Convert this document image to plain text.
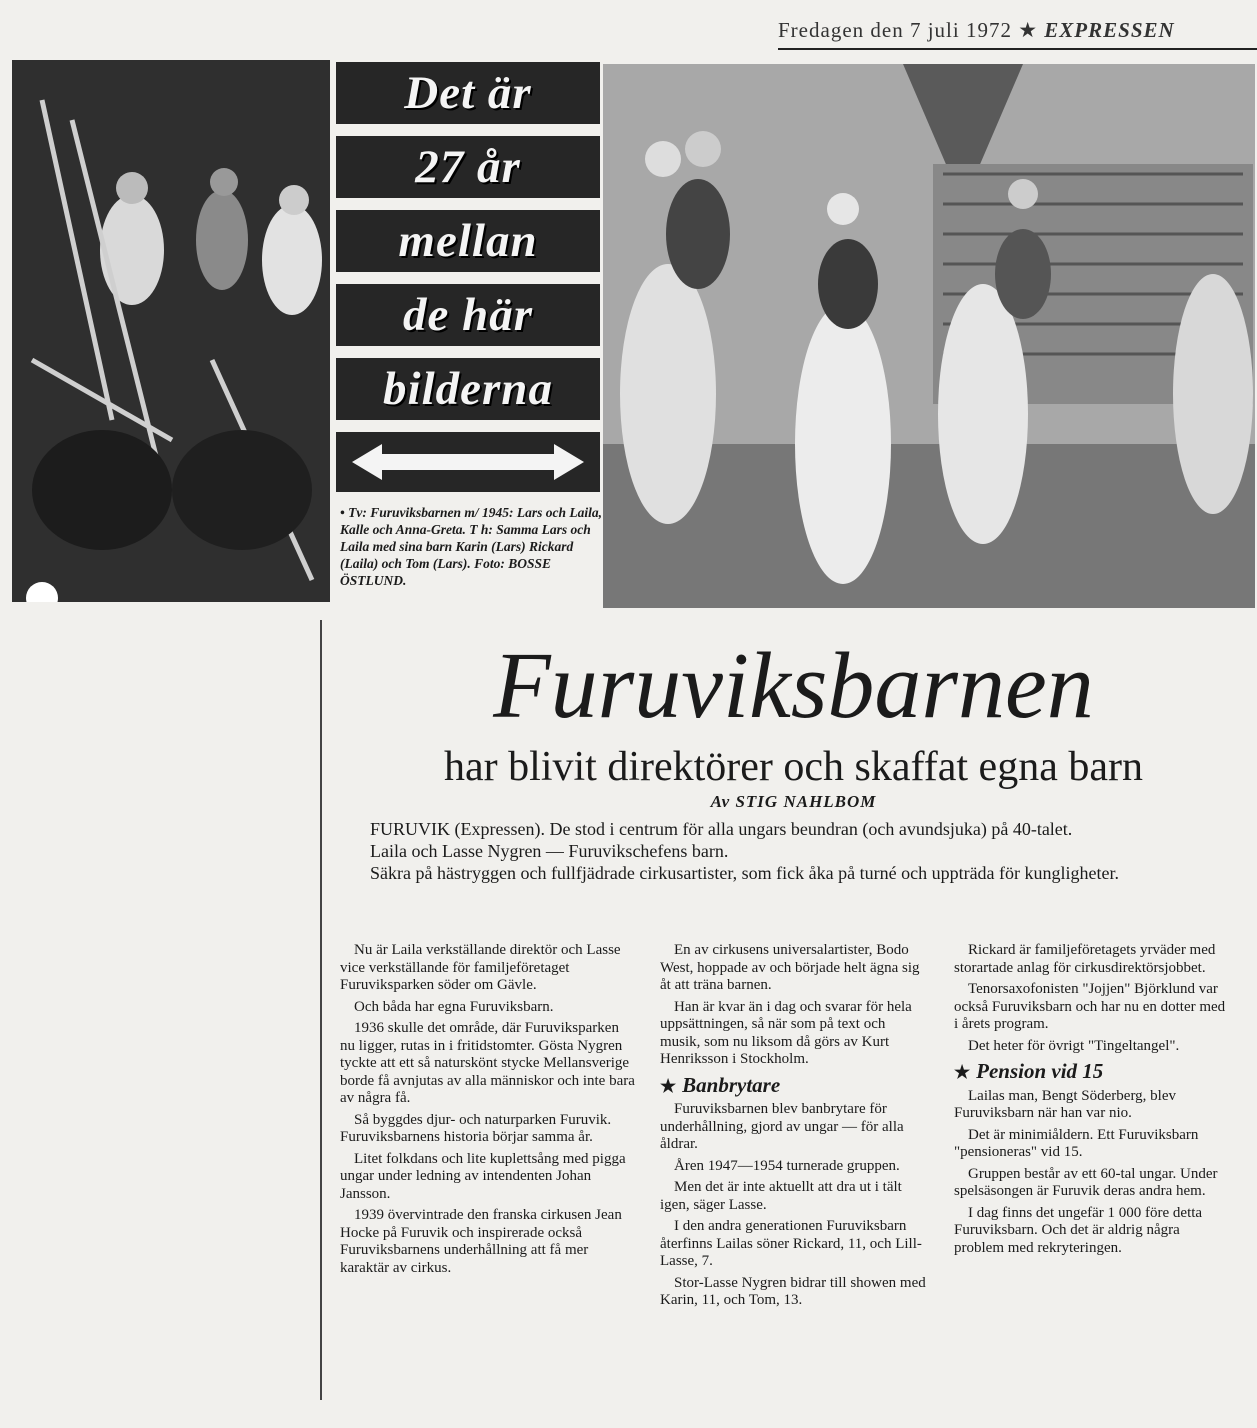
Fredagen den 7 juli 1972 ★ EXPRESSEN
Det är
27 år
mellan
de här
bilderna
• Tv: Furuviksbarnen m/ 1945: Lars och Laila, Kalle och Anna-Greta. T h: Samma Lars och Laila med sina barn Karin (Lars) Rickard (Laila) och Tom (Lars). Foto: BOSSE ÖSTLUND.
Furuviksbarnen
har blivit direktörer och skaffat egna barn
Av STIG NAHLBOM

FURUVIK (Expressen). De stod i centrum för alla ungars beundran (och avundsjuka) på 40-talet.

Laila och Lasse Nygren — Furuvikschefens barn.

Säkra på hästryggen och fullfjädrade cirkusartister, som fick åka på turné och uppträda för kungligheter.

Nu är Laila verkställande direktör och Lasse vice verkställande för familjeföretaget Furuviksparken söder om Gävle.

Och båda har egna Furuviksbarn.

1936 skulle det område, där Furuviksparken nu ligger, rutas in i fritidstomter. Gösta Nygren tyckte att ett så naturskönt stycke Mellansverige borde få avnjutas av alla människor och inte bara av några få.

Så byggdes djur- och naturparken Furuvik. Furuviksbarnens historia börjar samma år.

Litet folkdans och lite kuplettsång med pigga ungar under ledning av intendenten Johan Jansson.

1939 övervintrade den franska cirkusen Jean Hocke på Furuvik och inspirerade också Furuviksbarnens underhållning att få mer karaktär av cirkus.

En av cirkusens universalartister, Bodo West, hoppade av och började helt ägna sig åt att träna barnen.

Han är kvar än i dag och svarar för hela uppsättningen, så när som på text och musik, som nu liksom då görs av Kurt Henriksson i Stockholm.

★ Banbrytare

Furuviksbarnen blev banbrytare för underhållning, gjord av ungar — för alla åldrar.

Åren 1947—1954 turnerade gruppen.

Men det är inte aktuellt att dra ut i tält igen, säger Lasse.

I den andra generationen Furuviksbarn återfinns Lailas söner Rickard, 11, och Lill-Lasse, 7.

Stor-Lasse Nygren bidrar till showen med Karin, 11, och Tom, 13.

Rickard är familjeföretagets yrväder med storartade anlag för cirkusdirektörsjobbet.

Tenorsaxofonisten "Jojjen" Björklund var också Furuviksbarn och har nu en dotter med i årets program.

Det heter för övrigt "Tingeltangel".

★ Pension vid 15

Lailas man, Bengt Söderberg, blev Furuviksbarn när han var nio.

Det är minimiåldern. Ett Furuviksbarn "pensioneras" vid 15.

Gruppen består av ett 60-tal ungar. Under spelsäsongen är Furuvik deras andra hem.

I dag finns det ungefär 1 000 före detta Furuviksbarn. Och det är aldrig några problem med rekryteringen.
